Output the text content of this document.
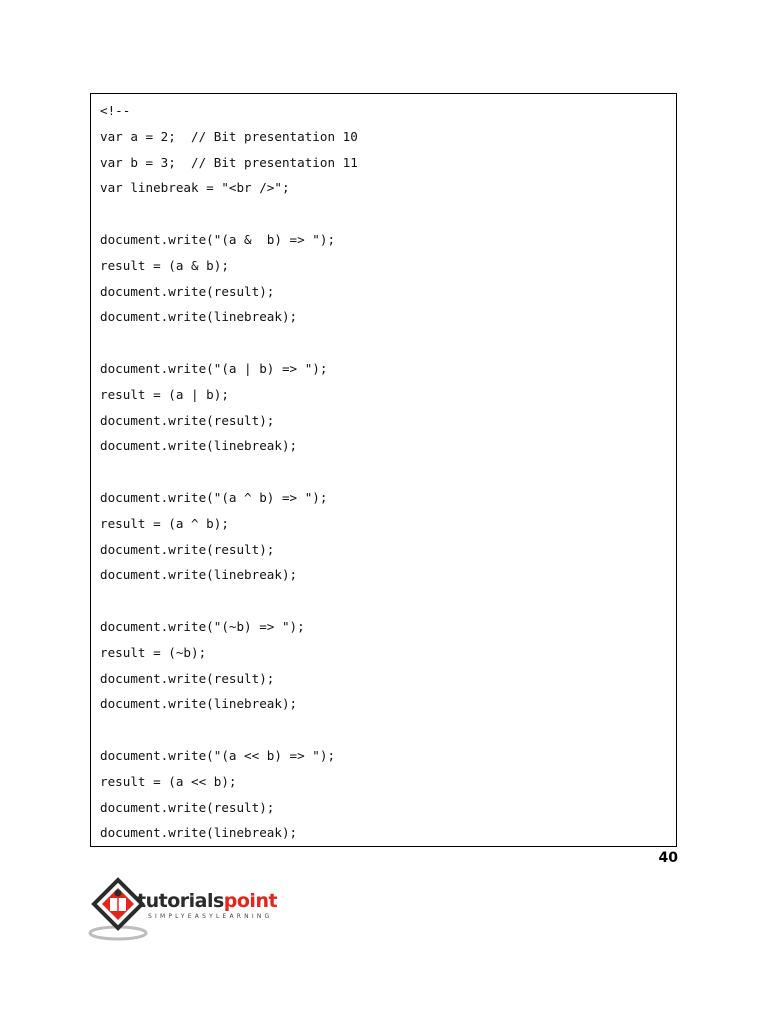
<!--
var a = 2;  // Bit presentation 10
var b = 3;  // Bit presentation 11
var linebreak = "<br />";
document.write("(a &  b) => ");
result = (a & b);
document.write(result);
document.write(linebreak);
document.write("(a | b) => ");
result = (a | b);
document.write(result);
document.write(linebreak);
document.write("(a ^ b) => ");
result = (a ^ b);
document.write(result);
document.write(linebreak);
document.write("(~b) => ");
result = (~b);
document.write(result);
document.write(linebreak);
document.write("(a << b) => ");
result = (a << b);
document.write(result);
document.write(linebreak);
40
tutorialspoint
SIMPLYEASYLEARNING
